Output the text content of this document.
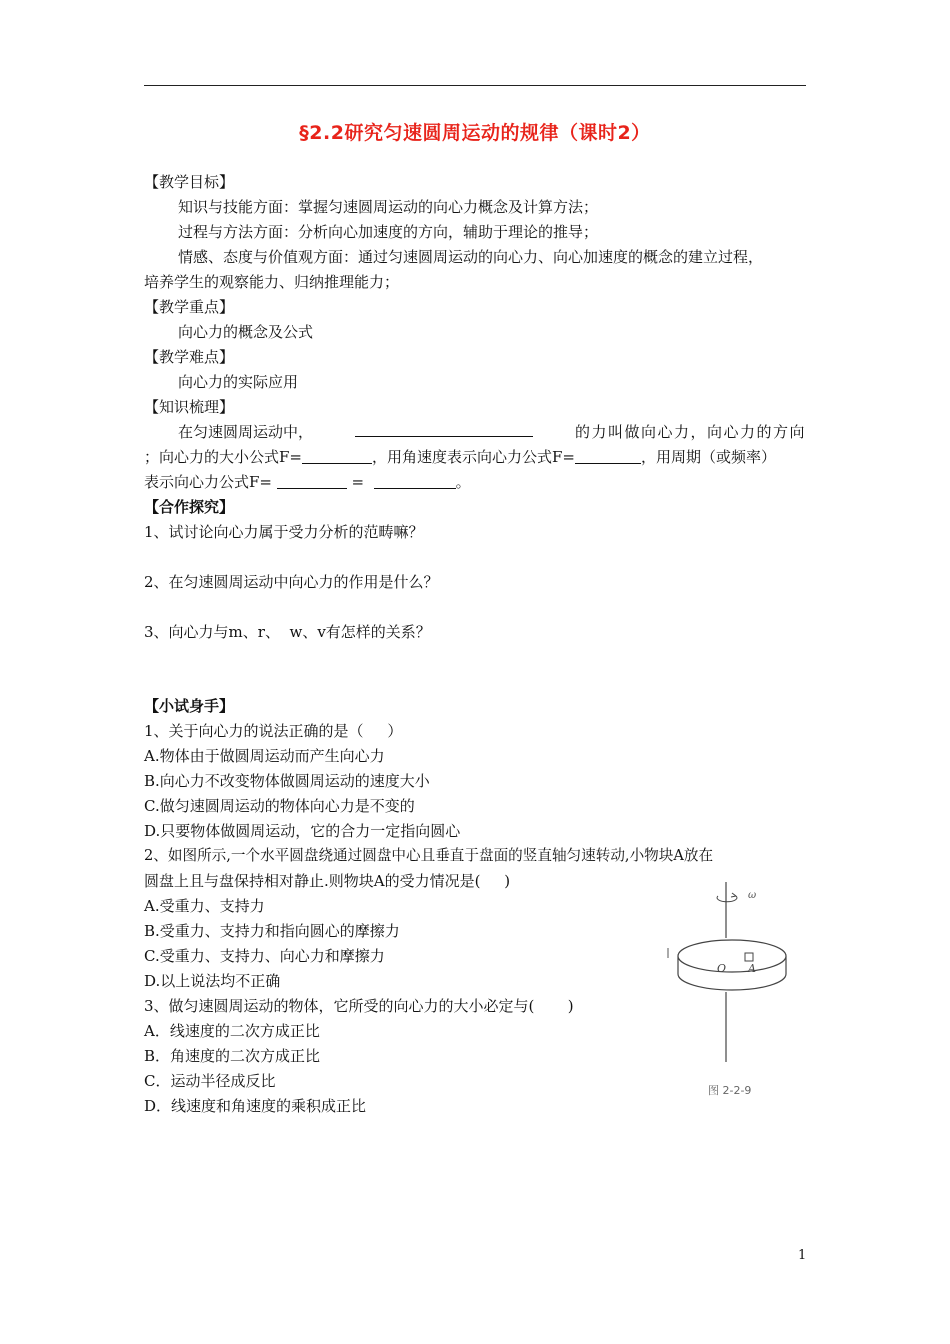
§2.2研究匀速圆周运动的规律（课时2）
【教学目标】
知识与技能方面：掌握匀速圆周运动的向心力概念及计算方法；
过程与方法方面：分析向心加速度的方向，辅助于理论的推导；
情感、态度与价值观方面：通过匀速圆周运动的向心力、向心加速度的概念的建立过程，
培养学生的观察能力、归纳推理能力；
【教学重点】
向心力的概念及公式
【教学难点】
向心力的实际应用
【知识梳理】
在匀速圆周运动中，	的力叫做向心力，向心力的方向
；向心力的大小公式F=	，用角速度表示向心力公式F=	，用周期（或频率）
表示向心力公式F=	=	。
【合作探究】
1、试讨论向心力属于受力分析的范畴嘛？
2、在匀速圆周运动中向心力的作用是什么？
3、向心力与m、r、  w、v有怎样的关系？
【小试身手】
1、关于向心力的说法正确的是（     ）
A.物体由于做圆周运动而产生向心力
B.向心力不改变物体做圆周运动的速度大小
C.做匀速圆周运动的物体向心力是不变的
D.只要物体做圆周运动，它的合力一定指向圆心
2、如图所示,一个水平圆盘绕通过圆盘中心且垂直于盘面的竖直轴匀速转动,小物块A放在
圆盘上且与盘保持相对静止.则物块A的受力情况是(     )
A.受重力、支持力
B.受重力、支持力和指向圆心的摩擦力
C.受重力、支持力、向心力和摩擦力
D.以上说法均不正确
3、做匀速圆周运动的物体，它所受的向心力的大小必定与(       )
A．线速度的二次方成正比
B．角速度的二次方成正比
C．运动半径成反比
D．线速度和角速度的乘积成正比
ω
O A
图 2-2-9
1
